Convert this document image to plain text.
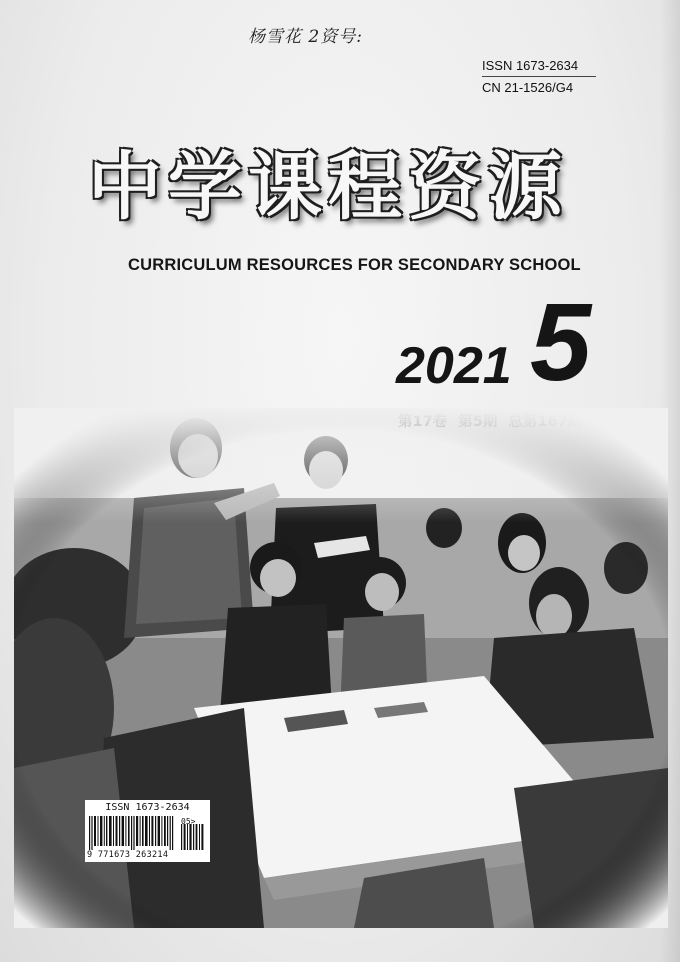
杨雪花 2资号:
ISSN 1673-2634
CN 21-1526/G4
中学课程资源
CURRICULUM RESOURCES FOR SECONDARY SCHOOL
2021 5
ISSN 1673-2634
05>
9 771673 263214
